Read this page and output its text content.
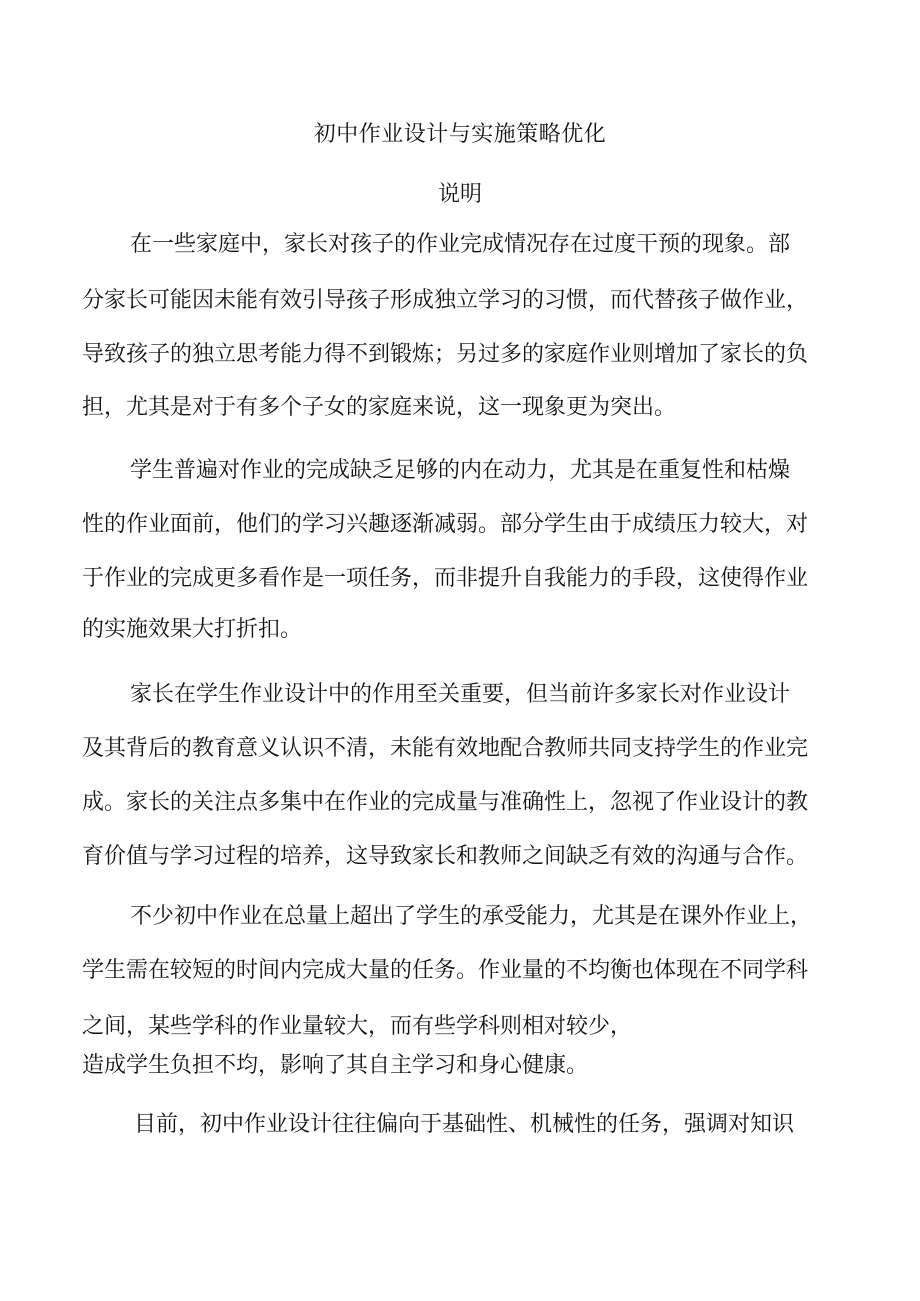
初中作业设计与实施策略优化
说明
在一些家庭中，家长对孩子的作业完成情况存在过度干预的现象。部
分家长可能因未能有效引导孩子形成独立学习的习惯，而代替孩子做作业，
导致孩子的独立思考能力得不到锻炼；另过多的家庭作业则增加了家长的负
担，尤其是对于有多个子女的家庭来说，这一现象更为突出。
学生普遍对作业的完成缺乏足够的内在动力，尤其是在重复性和枯燥
性的作业面前，他们的学习兴趣逐渐减弱。部分学生由于成绩压力较大，对
于作业的完成更多看作是一项任务，而非提升自我能力的手段，这使得作业
的实施效果大打折扣。
家长在学生作业设计中的作用至关重要，但当前许多家长对作业设计
及其背后的教育意义认识不清，未能有效地配合教师共同支持学生的作业完
成。家长的关注点多集中在作业的完成量与准确性上，忽视了作业设计的教
育价值与学习过程的培养，这导致家长和教师之间缺乏有效的沟通与合作。
不少初中作业在总量上超出了学生的承受能力，尤其是在课外作业上，
学生需在较短的时间内完成大量的任务。作业量的不均衡也体现在不同学科
之间，某些学科的作业量较大，而有些学科则相对较少，
造成学生负担不均，影响了其自主学习和身心健康。
目前，初中作业设计往往偏向于基础性、机械性的任务，强调对知识
